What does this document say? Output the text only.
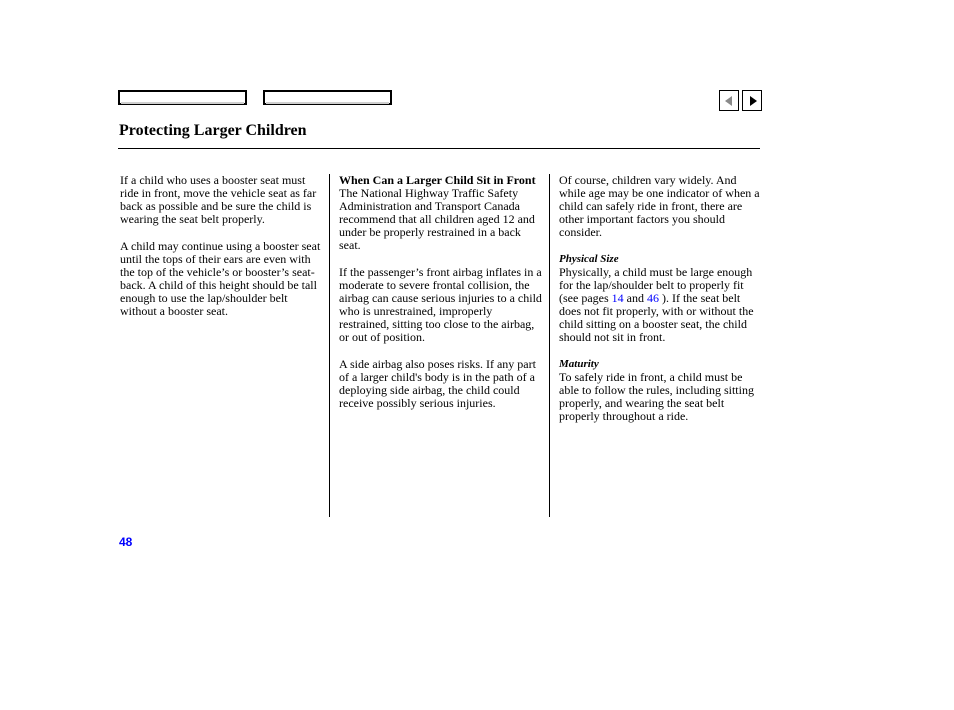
Protecting Larger Children

If a child who uses a booster seat must ride in front, move the vehicle seat as far back as possible and be sure the child is wearing the seat belt properly.

A child may continue using a booster seat until the tops of their ears are even with the top of the vehicle’s or booster’s seat-back. A child of this height should be tall enough to use the lap/shoulder belt without a booster seat.

When Can a Larger Child Sit in Front
The National Highway Traffic Safety Administration and Transport Canada recommend that all children aged 12 and under be properly restrained in a back seat.

If the passenger’s front airbag inflates in a moderate to severe frontal collision, the airbag can cause serious injuries to a child who is unrestrained, improperly restrained, sitting too close to the airbag, or out of position.

A side airbag also poses risks. If any part of a larger child's body is in the path of a deploying side airbag, the child could receive possibly serious injuries.

Of course, children vary widely. And while age may be one indicator of when a child can safely ride in front, there are other important factors you should consider.

Physical Size
Physically, a child must be large enough for the lap/shoulder belt to properly fit (see pages 14 and 46 ). If the seat belt does not fit properly, with or without the child sitting on a booster seat, the child should not sit in front.

Maturity
To safely ride in front, a child must be able to follow the rules, including sitting properly, and wearing the seat belt properly throughout a ride.

48
